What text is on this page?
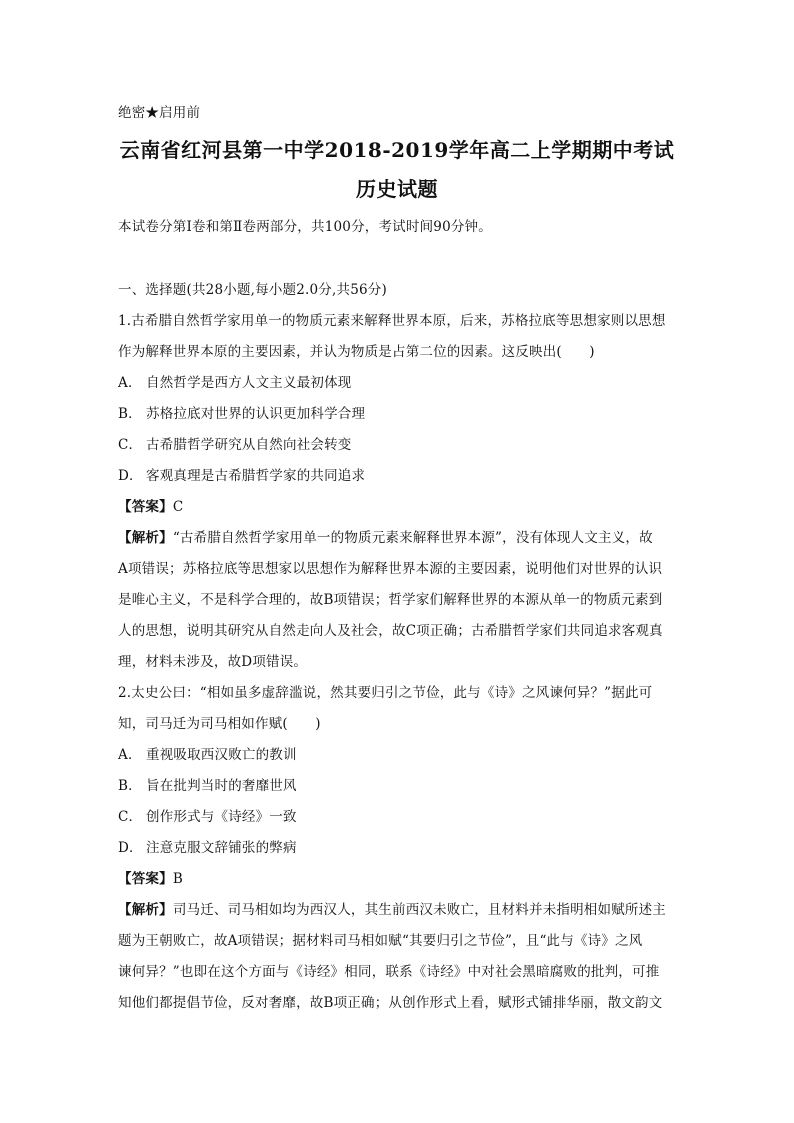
绝密★启用前
云南省红河县第一中学2018-2019学年高二上学期期中考试
历史试题
本试卷分第Ⅰ卷和第Ⅱ卷两部分，共100分，考试时间90分钟。
一、选择题(共28小题,每小题2.0分,共56分)
1.古希腊自然哲学家用单一的物质元素来解释世界本原，后来，苏格拉底等思想家则以思想
作为解释世界本原的主要因素，并认为物质是占第二位的因素。这反映出(　　)
A． 自然哲学是西方人文主义最初体现
B． 苏格拉底对世界的认识更加科学合理
C． 古希腊哲学研究从自然向社会转变
D． 客观真理是古希腊哲学家的共同追求
【答案】C
【解析】“古希腊自然哲学家用单一的物质元素来解释世界本源”，没有体现人文主义，故
A项错误；苏格拉底等思想家以思想作为解释世界本源的主要因素，说明他们对世界的认识
是唯心主义，不是科学合理的，故B项错误；哲学家们解释世界的本源从单一的物质元素到
人的思想，说明其研究从自然走向人及社会，故C项正确；古希腊哲学家们共同追求客观真
理，材料未涉及，故D项错误。
2.太史公曰：“相如虽多虚辞滥说，然其要归引之节俭，此与《诗》之风谏何异？”据此可
知，司马迁为司马相如作赋(　　)
A． 重视吸取西汉败亡的教训
B． 旨在批判当时的奢靡世风
C． 创作形式与《诗经》一致
D． 注意克服文辞铺张的弊病
【答案】B
【解析】司马迁、司马相如均为西汉人，其生前西汉未败亡，且材料并未指明相如赋所述主
题为王朝败亡，故A项错误；据材料司马相如赋“其要归引之节俭”，且“此与《诗》之风
谏何异？”也即在这个方面与《诗经》相同，联系《诗经》中对社会黑暗腐败的批判，可推
知他们都提倡节俭，反对奢靡，故B项正确；从创作形式上看，赋形式铺排华丽，散文韵文
